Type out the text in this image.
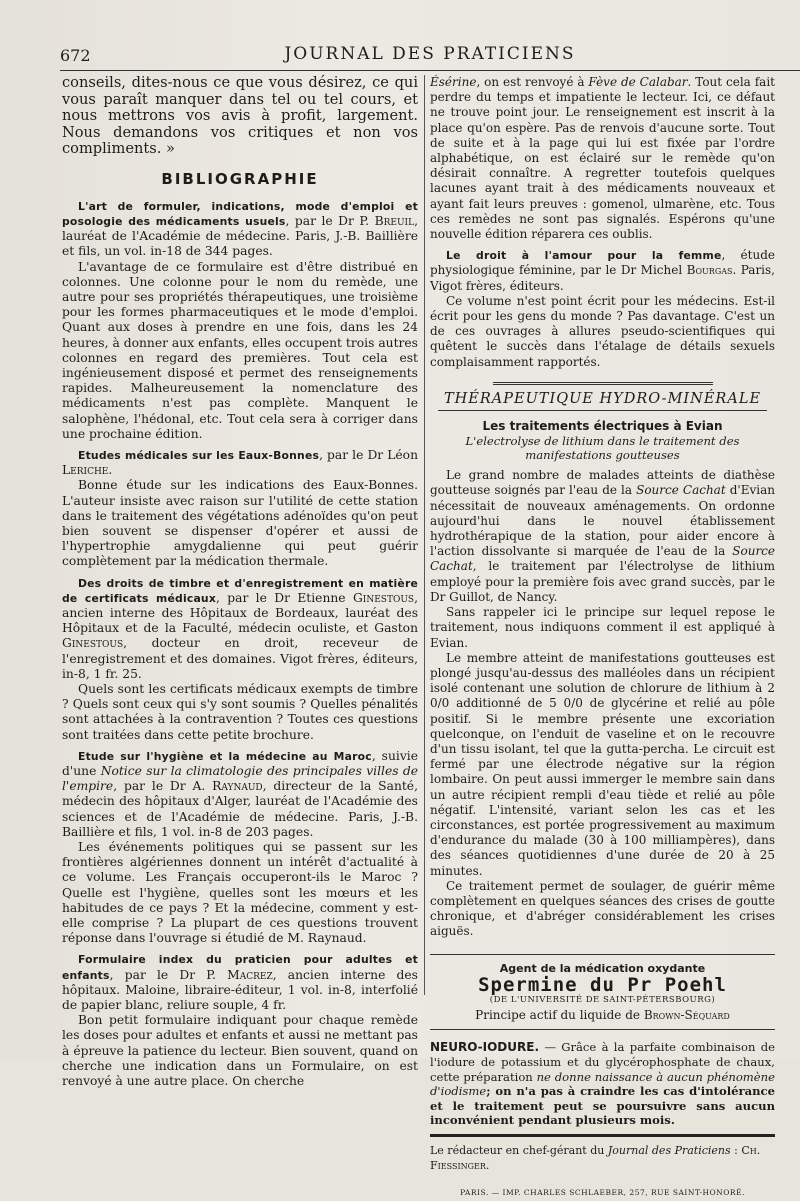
672	JOURNAL DES PRATICIENS

conseils, dites-nous ce que vous désirez, ce qui vous paraît manquer dans tel ou tel cours, et nous mettrons vos avis à profit, largement. Nous demandons vos critiques et non vos compliments. »

BIBLIOGRAPHIE

L'art de formuler, indications, mode d'emploi et posologie des médicaments usuels, par le Dr P. Breuil, lauréat de l'Académie de médecine. Paris, J.-B. Baillière et fils, un vol. in-18 de 344 pages.

L'avantage de ce formulaire est d'être distribué en colonnes. Une colonne pour le nom du remède, une autre pour ses propriétés thérapeutiques, une troisième pour les formes pharmaceutiques et le mode d'emploi. Quant aux doses à prendre en une fois, dans les 24 heures, à donner aux enfants, elles occupent trois autres colonnes en regard des premières. Tout cela est ingénieusement disposé et permet des renseignements rapides. Malheureusement la nomenclature des médicaments n'est pas complète. Manquent le salophène, l'hédonal, etc. Tout cela sera à corriger dans une prochaine édition.

Etudes médicales sur les Eaux-Bonnes, par le Dr Léon Leriche.

Bonne étude sur les indications des Eaux-Bonnes. L'auteur insiste avec raison sur l'utilité de cette station dans le traitement des végétations adénoïdes qu'on peut bien souvent se dispenser d'opérer et aussi de l'hypertrophie amygdalienne qui peut guérir complètement par la médication thermale.

Des droits de timbre et d'enregistrement en matière de certificats médicaux, par le Dr Etienne Ginestous, ancien interne des Hôpitaux de Bordeaux, lauréat des Hôpitaux et de la Faculté, médecin oculiste, et Gaston Ginestous, docteur en droit, receveur de l'enregistrement et des domaines. Vigot frères, éditeurs, in-8, 1 fr. 25.

Quels sont les certificats médicaux exempts de timbre ? Quels sont ceux qui s'y sont soumis ? Quelles pénalités sont attachées à la contravention ? Toutes ces questions sont traitées dans cette petite brochure.

Etude sur l'hygiène et la médecine au Maroc, suivie d'une Notice sur la climatologie des principales villes de l'empire, par le Dr A. Raynaud, directeur de la Santé, médecin des hôpitaux d'Alger, lauréat de l'Académie des sciences et de l'Académie de médecine. Paris, J.-B. Baillière et fils, 1 vol. in-8 de 203 pages.

Les événements politiques qui se passent sur les frontières algériennes donnent un intérêt d'actualité à ce volume. Les Français occuperont-ils le Maroc ? Quelle est l'hygiène, quelles sont les mœurs et les habitudes de ce pays ? Et la médecine, comment y est-elle comprise ? La plupart de ces questions trouvent réponse dans l'ouvrage si étudié de M. Raynaud.

Formulaire index du praticien pour adultes et enfants, par le Dr P. Macrez, ancien interne des hôpitaux. Maloine, libraire-éditeur, 1 vol. in-8, interfolié de papier blanc, reliure souple, 4 fr.

Bon petit formulaire indiquant pour chaque remède les doses pour adultes et enfants et aussi ne mettant pas à épreuve la patience du lecteur. Bien souvent, quand on cherche une indication dans un Formulaire, on est renvoyé à une autre place. On cherche

Ésérine, on est renvoyé à Fève de Calabar. Tout cela fait perdre du temps et impatiente le lecteur. Ici, ce défaut ne trouve point jour. Le renseignement est inscrit à la place qu'on espère. Pas de renvois d'aucune sorte. Tout de suite et à la page qui lui est fixée par l'ordre alphabétique, on est éclairé sur le remède qu'on désirait connaître. A regretter toutefois quelques lacunes ayant trait à des médicaments nouveaux et ayant fait leurs preuves : gomenol, ulmarène, etc. Tous ces remèdes ne sont pas signalés. Espérons qu'une nouvelle édition réparera ces oublis.

Le droit à l'amour pour la femme, étude physiologique féminine, par le Dr Michel Bourgas. Paris, Vigot frères, éditeurs.

Ce volume n'est point écrit pour les médecins. Est-il écrit pour les gens du monde ? Pas davantage. C'est un de ces ouvrages à allures pseudo-scientifiques qui quêtent le succès dans l'étalage de détails sexuels complaisamment rapportés.

THÉRAPEUTIQUE HYDRO-MINÉRALE
Les traitements électriques à Evian
L'electrolyse de lithium dans le traitement des manifestations goutteuses

Le grand nombre de malades atteints de diathèse goutteuse soignés par l'eau de la Source Cachat d'Evian nécessitait de nouveaux aménagements. On ordonne aujourd'hui dans le nouvel établissement hydrothérapique de la station, pour aider encore à l'action dissolvante si marquée de l'eau de la Source Cachat, le traitement par l'électrolyse de lithium employé pour la première fois avec grand succès, par le Dr Guillot, de Nancy.

Sans rappeler ici le principe sur lequel repose le traitement, nous indiquons comment il est appliqué à Evian.

Le membre atteint de manifestations goutteuses est plongé jusqu'au-dessus des malléoles dans un récipient isolé contenant une solution de chlorure de lithium à 2 0/0 additionné de 5 0/0 de glycérine et relié au pôle positif. Si le membre présente une excoriation quelconque, on l'enduit de vaseline et on le recouvre d'un tissu isolant, tel que la gutta-percha. Le circuit est fermé par une électrode négative sur la région lombaire. On peut aussi immerger le membre sain dans un autre récipient rempli d'eau tiède et relié au pôle négatif. L'intensité, variant selon les cas et les circonstances, est portée progressivement au maximum d'endurance du malade (30 à 100 milliampères), dans des séances quotidiennes d'une durée de 20 à 25 minutes.

Ce traitement permet de soulager, de guérir même complètement en quelques séances des crises de goutte chronique, et d'abréger considérablement les crises aiguës.

Agent de la médication oxydante
Spermine du Pr Poehl
(DE L'UNIVERSITÉ DE SAINT-PÉTERSBOURG)
Principe actif du liquide de Brown-Séquard
NEURO-IODURE. — Grâce à la parfaite combinaison de l'iodure de potassium et du glycérophosphate de chaux, cette préparation ne donne naissance à aucun phénomène d'iodisme; on n'a pas à craindre les cas d'intolérance et le traitement peut se poursuivre sans aucun inconvénient pendant plusieurs mois.
Le rédacteur en chef-gérant du Journal des Praticiens : Ch. Fiessinger.
PARIS. — IMP. CHARLES SCHLAEBER, 257, RUE SAINT-HONORÉ.
